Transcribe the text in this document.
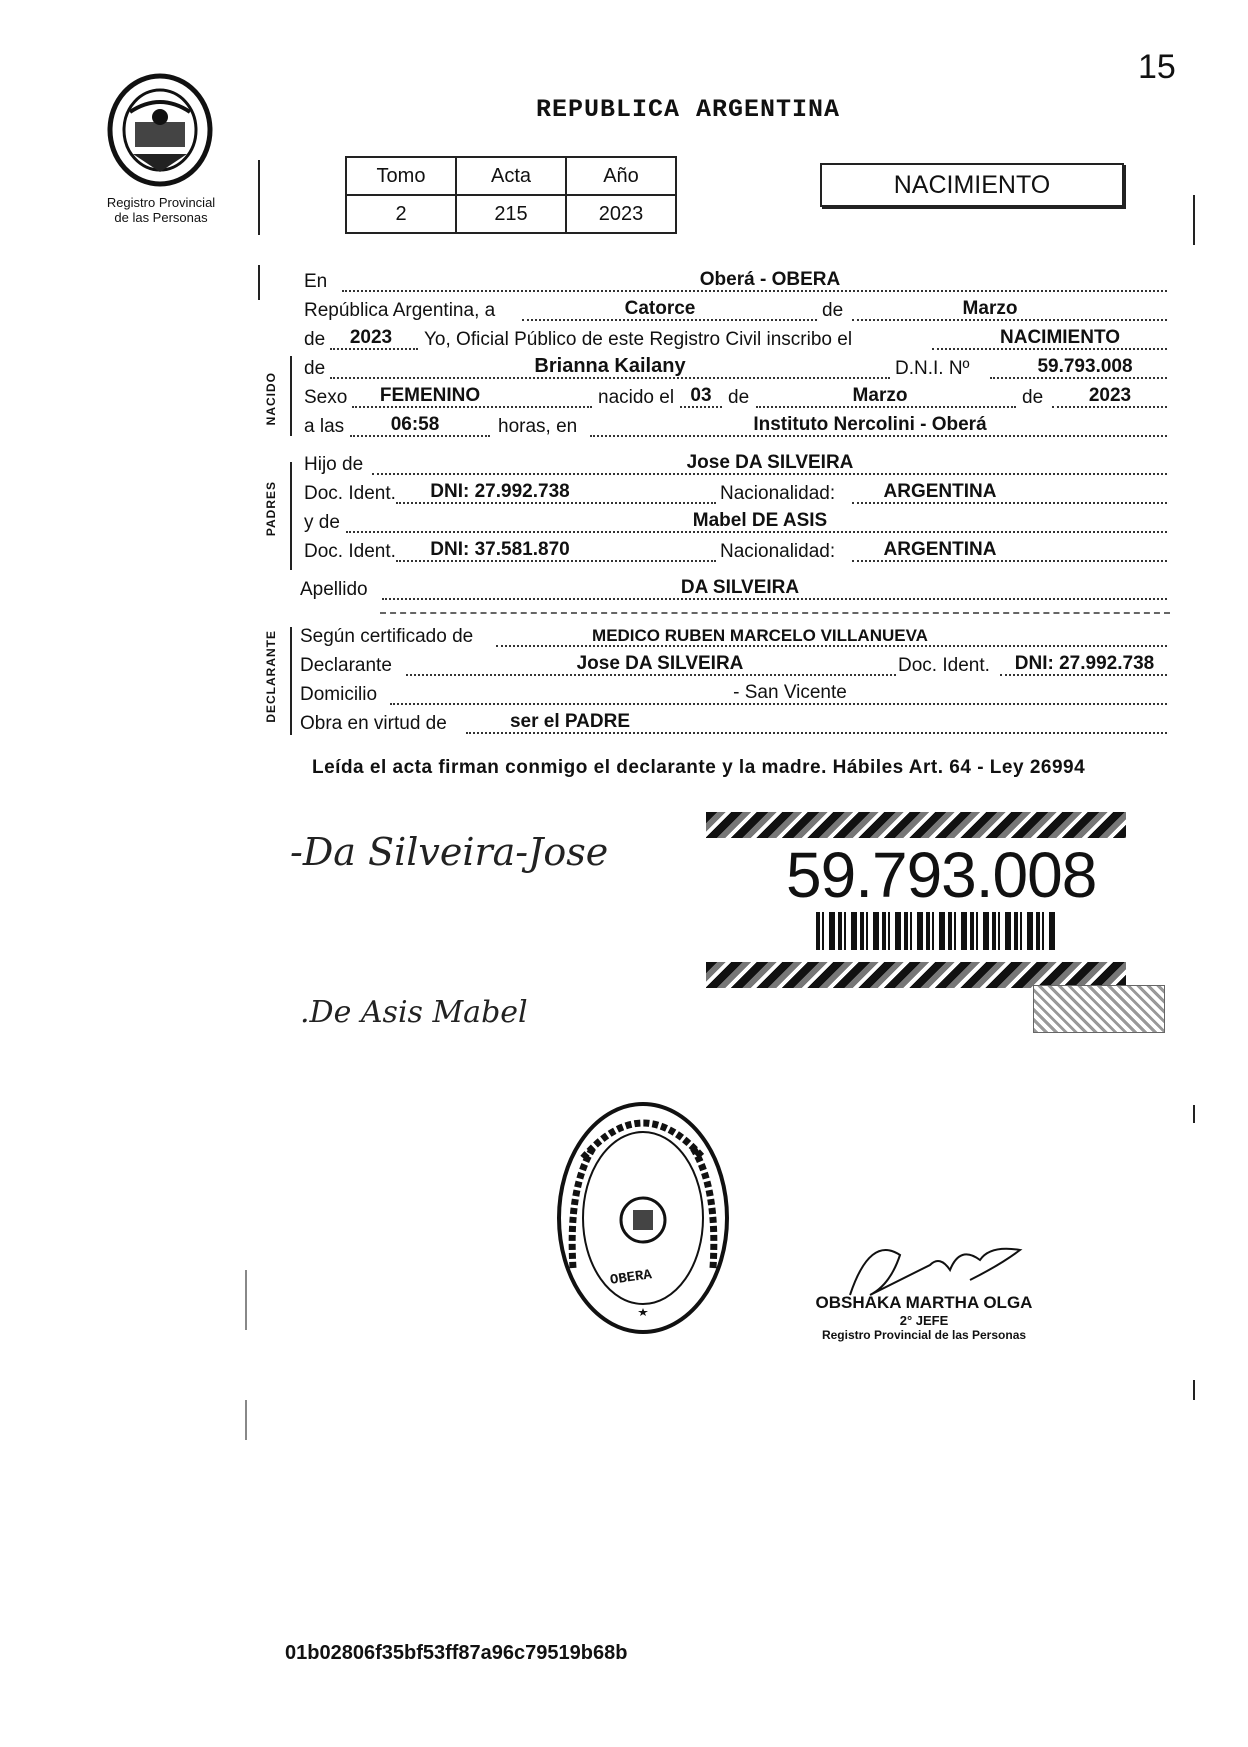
15
Registro Provincial
de las Personas
REPUBLICA ARGENTINA
Tomo	Acta	Año
2	215	2023
NACIMIENTO
NACIDO
PADRES
DECLARANTE
En	Oberá - OBERA
República Argentina, a	Catorce	de	Marzo
de	2023	Yo, Oficial Público de este Registro Civil inscribo el	NACIMIENTO
de	Brianna Kailany	D.N.I. Nº	59.793.008
Sexo	FEMENINO	nacido el 03 de	Marzo	de	2023
a las	06:58	horas, en	Instituto Nercolini - Oberá
Hijo de	Jose DA SILVEIRA
Doc. Ident.	DNI: 27.992.738	Nacionalidad:	ARGENTINA
y de	Mabel DE ASIS
Doc. Ident.	DNI: 37.581.870	Nacionalidad:	ARGENTINA
Apellido	DA SILVEIRA
Según certificado de	MEDICO RUBEN MARCELO VILLANUEVA
Declarante	Jose DA SILVEIRA	Doc. Ident.	DNI: 27.992.738
Domicilio	- San Vicente
Obra en virtud de	ser el PADRE
Leída el acta firman conmigo el declarante y la madre. Hábiles Art. 64 - Ley 26994
-Da Silveira-Jose
.De Asis Mabel
59.793.008
OBERA
OBSHAKA MARTHA OLGA
2° JEFE
Registro Provincial de las Personas
01b02806f35bf53ff87a96c79519b68b
